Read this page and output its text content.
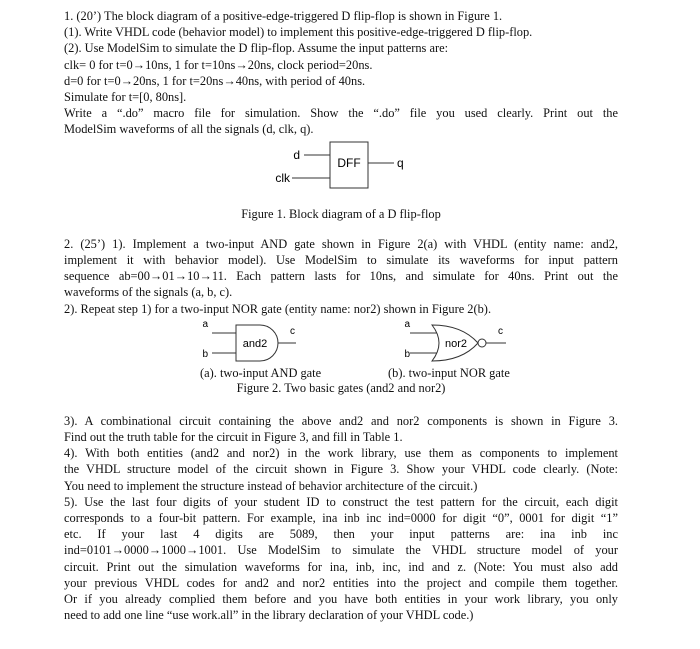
1. (20’) The block diagram of a positive-edge-triggered D flip-flop is shown in Figure 1.
(1). Write VHDL code (behavior model) to implement this positive-edge-triggered D flip-flop.
(2). Use ModelSim to simulate the D flip-flop. Assume the input patterns are:
clk= 0 for t=0→10ns, 1 for t=10ns→20ns, clock period=20ns.
d=0 for t=0→20ns, 1 for t=20ns→40ns, with period of 40ns.
Simulate for t=[0, 80ns].
Write a “.do” macro file for simulation. Show the “.do” file you used clearly. Print out the
ModelSim waveforms of all the signals (d, clk, q).
DFF
d
clk
q
Figure 1. Block diagram of a D flip-flop
2. (25’) 1). Implement a two-input AND gate shown in Figure 2(a) with VHDL (entity name: and2,
implement it with behavior model). Use ModelSim to simulate its waveforms for input pattern
sequence ab=00→01→10→11. Each pattern lasts for 10ns, and simulate for 40ns. Print out the
waveforms of the signals (a, b, c).
2). Repeat step 1) for a two-input NOR gate (entity name: nor2) shown in Figure 2(b).
and2
a
b
c
nor2
a
b
c
(a). two-input AND gate	(b). two-input NOR gate
Figure 2. Two basic gates (and2 and nor2)
3). A combinational circuit containing the above and2 and nor2 components is shown in Figure 3.
Find out the truth table for the circuit in Figure 3, and fill in Table 1.
4). With both entities (and2 and nor2) in the work library, use them as components to implement
the VHDL structure model of the circuit shown in Figure 3. Show your VHDL code clearly. (Note:
You need to implement the structure instead of behavior architecture of the circuit.)
5). Use the last four digits of your student ID to construct the test pattern for the circuit, each digit
corresponds to a four-bit pattern. For example, ina inb inc ind=0000 for digit “0”, 0001 for digit “1”
etc. If your last 4 digits are 5089, then your input patterns are: ina inb inc
ind=0101→0000→1000→1001. Use ModelSim to simulate the VHDL structure model of your
circuit. Print out the simulation waveforms for ina, inb, inc, ind and z. (Note: You must also add
your previous VHDL codes for and2 and nor2 entities into the project and compile them together.
Or if you already complied them before and you have both entities in your work library, you only
need to add one line “use work.all” in the library declaration of your VHDL code.)
